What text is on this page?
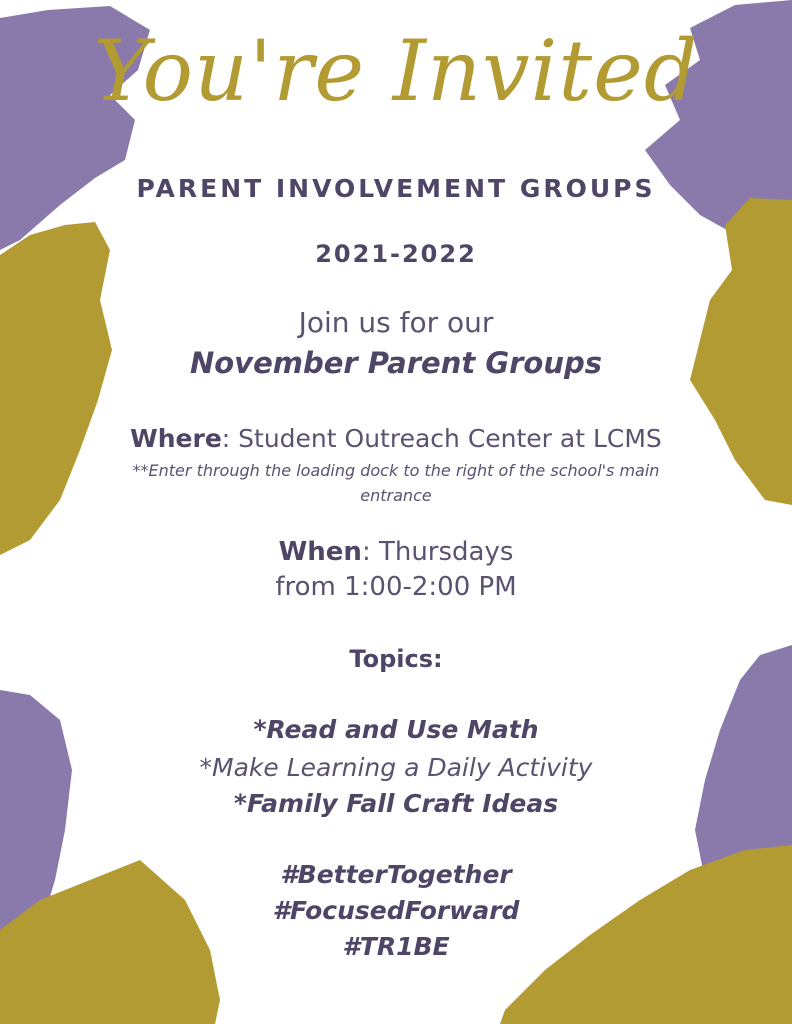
You're Invited
PARENT INVOLVEMENT GROUPS
2021-2022
Join us for our
November Parent Groups
Where: Student Outreach Center at LCMS
**Enter through the loading dock to the right of the school's main
entrance
When: Thursdays
from 1:00-2:00 PM
Topics:
*Read and Use Math
*Make Learning a Daily Activity
*Family Fall Craft Ideas
#BetterTogether
#FocusedForward
#TR1BE
